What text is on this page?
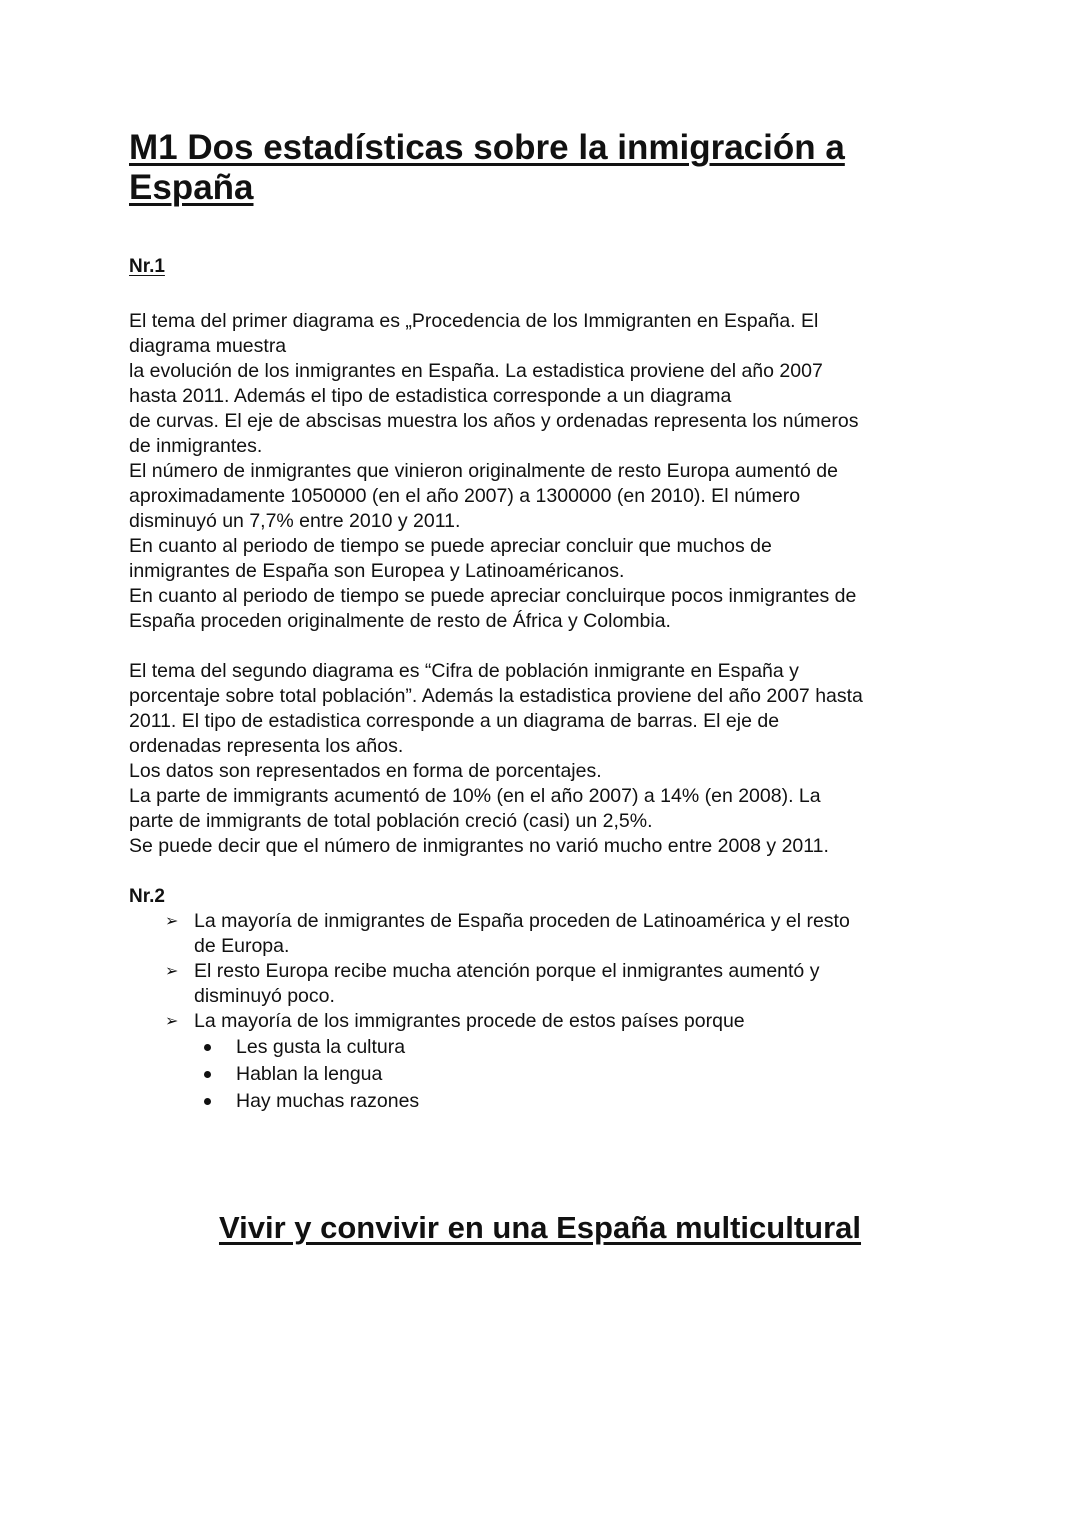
M1 Dos estadísticas sobre la inmigración a
España

Nr.1

El tema del primer diagrama es „Procedencia de los Immigranten en España. El
diagrama muestra
la evolución de los inmigrantes en España. La estadistica proviene del año 2007
hasta 2011. Además el tipo de estadistica corresponde a un diagrama
de curvas. El eje de abscisas muestra los años y ordenadas representa los números
de inmigrantes.
El número de inmigrantes que vinieron originalmente de resto Europa aumentó de
aproximadamente 1050000 (en el año 2007) a 1300000 (en 2010). El número
disminuyó un 7,7% entre 2010 y 2011.
En cuanto al periodo de tiempo se puede apreciar concluir que muchos de
inmigrantes de España son Europea y Latinoaméricanos.
En cuanto al periodo de tiempo se puede apreciar concluirque pocos inmigrantes de
España proceden originalmente de resto de África y Colombia.

El tema del segundo diagrama es “Cifra de población inmigrante en España y
porcentaje sobre total población”. Además la estadistica proviene del año 2007 hasta
2011. El tipo de estadistica corresponde a un diagrama de barras. El eje de
ordenadas representa los años.
Los datos son representados en forma de porcentajes.
La parte de immigrants acumentó de 10% (en el año 2007) a 14% (en 2008). La
parte de immigrants de total población creció (casi) un 2,5%.
Se puede decir que el número de inmigrantes no varió mucho entre 2008 y 2011.

Nr.2

➢ La mayoría de inmigrantes de España proceden de Latinoamérica y el resto
de Europa.
➢ El resto Europa recibe mucha atención porque el inmigrantes aumentó y
disminuyó poco.
➢ La mayoría de los immigrantes procede de estos países porque
Les gusta la cultura
Hablan la lengua
Hay muchas razones
Vivir y convivir en una España multicultural
